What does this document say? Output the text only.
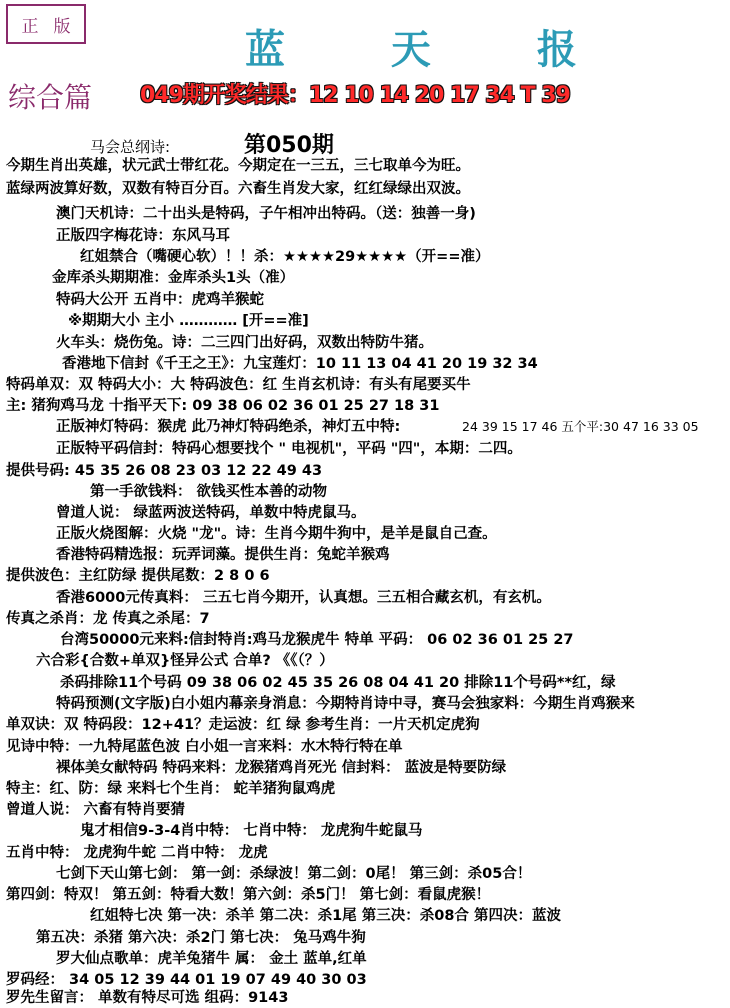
正 版	蓝 天 报
综合篇 049期开奖结果：12 10 14 20 17 34 T 39
马会总纲诗:	第050期
今期生肖出英雄，状元武士带红花。今期定在一三五，三七取单今为旺。
蓝绿两波算好数，双数有特百分百。六畜生肖发大家，红红绿绿出双波。
澳门天机诗：二十出头是特码，子午相冲出特码。（送：独善一身)
正版四字梅花诗：东风马耳
红姐禁合（嘴硬心软）！！杀：★★★★29★★★★（开==准）
金库杀头期期准：金库杀头1头（准）
特码大公开 五肖中：虎鸡羊猴蛇
※期期大小 主小 ………… [开==准]
火车头：烧伤兔。诗：二三四门出好码，双数出特防牛猪。
香港地下信封《千王之王》：九宝莲灯：10 11 13 04 41 20 19 32 34
特码单双：双 特码大小：大 特码波色：红 生肖玄机诗：有头有尾要买牛
主: 猪狗鸡马龙 十指平天下: 09 38 06 02 36 01 25 27 18 31
正版神灯特码：猴虎 此乃神灯特码绝杀，神灯五中特:	24 39 15 17 46 五个平:30 47 16 33 05
正版特平码信封：特码心想要找个 " 电视机"，平码 "四"，本期：二四。
提供号码: 45 35 26 08 23 03 12 22 49 43
第一手欲钱料： 欲钱买性本善的动物
曾道人说： 绿蓝两波送特码，单数中特虎鼠马。
正版火烧图解：火烧 "龙"。诗：生肖今期牛狗中，是羊是鼠自己查。
香港特码精选报：玩弄词藻。提供生肖：兔蛇羊猴鸡
提供波色：主红防绿 提供尾数：2 8 0 6
香港6000元传真料： 三五七肖今期开，认真想。三五相合藏玄机，有玄机。
传真之杀肖：龙 传真之杀尾：7
台湾50000元来料:信封特肖:鸡马龙猴虎牛 特单 平码： 06 02 36 01 25 27
六合彩{合数+单双}怪异公式 合单? 《《（？）
杀码排除11个号码 09 38 06 02 45 35 26 08 04 41 20 排除11个号码**红，绿
特码预测(文字版)白小姐内幕亲身消息：今期特肖诗中寻，赛马会独家料：今期生肖鸡猴来
单双诀：双 特码段：12+41？走运波：红 绿 参考生肖：一片天机定虎狗
见诗中特：一九特尾蓝色波 白小姐一言来料：水木特行特在单
裸体美女献特码 特码来料：龙猴猪鸡肖死光 信封料： 蓝波是特要防绿
特主：红、防：绿 来料七个生肖： 蛇羊猪狗鼠鸡虎
曾道人说： 六畜有特肖要猜
鬼才相信9-3-4肖中特： 七肖中特： 龙虎狗牛蛇鼠马
五肖中特： 龙虎狗牛蛇 二肖中特： 龙虎
七剑下天山第七剑： 第一剑：杀绿波！第二剑：0尾！ 第三剑：杀05合！
第四剑：特双！ 第五剑：特看大数！第六剑：杀5门！ 第七剑：看鼠虎猴！
红姐特七决 第一决：杀羊 第二决：杀1尾 第三决：杀08合 第四决：蓝波
第五决：杀猪 第六决：杀2门 第七决： 兔马鸡牛狗
罗大仙点歌单：虎羊兔猪牛 属： 金土 蓝单,红单
罗码经： 34 05 12 39 44 01 19 07 49 40 30 03
罗先生留言： 单数有特尽可选 组码：9143
